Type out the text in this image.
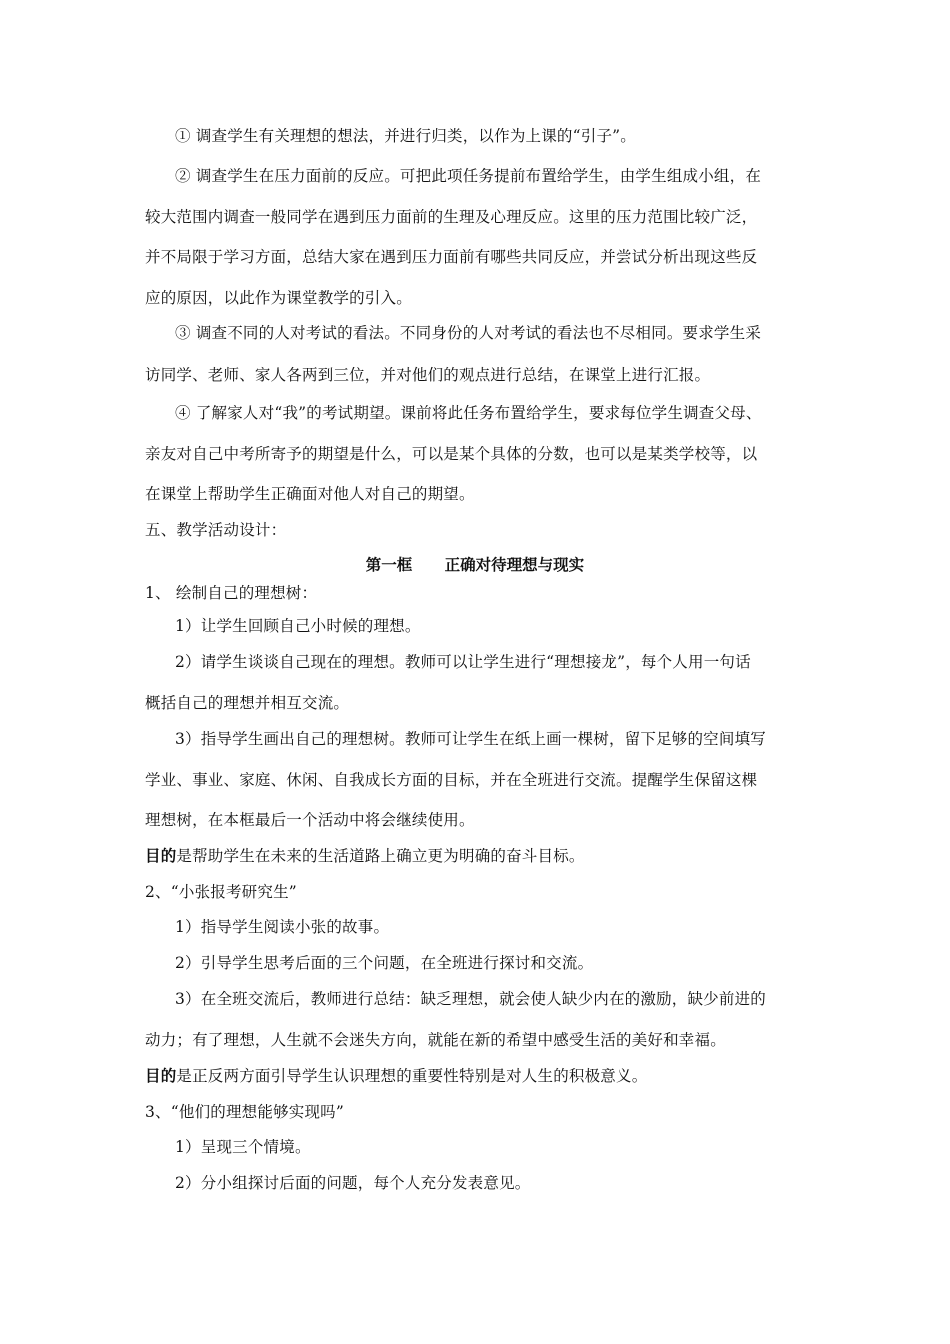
① 调查学生有关理想的想法，并进行归类，以作为上课的“引子”。
② 调查学生在压力面前的反应。可把此项任务提前布置给学生，由学生组成小组，在
较大范围内调查一般同学在遇到压力面前的生理及心理反应。这里的压力范围比较广泛，
并不局限于学习方面，总结大家在遇到压力面前有哪些共同反应，并尝试分析出现这些反
应的原因，以此作为课堂教学的引入。
③ 调查不同的人对考试的看法。不同身份的人对考试的看法也不尽相同。要求学生采
访同学、老师、家人各两到三位，并对他们的观点进行总结，在课堂上进行汇报。
④ 了解家人对“我”的考试期望。课前将此任务布置给学生，要求每位学生调查父母、
亲友对自己中考所寄予的期望是什么，可以是某个具体的分数，也可以是某类学校等，以
在课堂上帮助学生正确面对他人对自己的期望。
五、教学活动设计：
第一框      正确对待理想与现实
1、 绘制自己的理想树：
1）让学生回顾自己小时候的理想。
2）请学生谈谈自己现在的理想。教师可以让学生进行“理想接龙”，每个人用一句话
概括自己的理想并相互交流。
3）指导学生画出自己的理想树。教师可让学生在纸上画一棵树，留下足够的空间填写
学业、事业、家庭、休闲、自我成长方面的目标，并在全班进行交流。提醒学生保留这棵
理想树，在本框最后一个活动中将会继续使用。
目的是帮助学生在未来的生活道路上确立更为明确的奋斗目标。
2、“小张报考研究生”
1）指导学生阅读小张的故事。
2）引导学生思考后面的三个问题，在全班进行探讨和交流。
3）在全班交流后，教师进行总结：缺乏理想，就会使人缺少内在的激励，缺少前进的
动力；有了理想，人生就不会迷失方向，就能在新的希望中感受生活的美好和幸福。
目的是正反两方面引导学生认识理想的重要性特别是对人生的积极意义。
3、“他们的理想能够实现吗”
1）呈现三个情境。
2）分小组探讨后面的问题，每个人充分发表意见。
